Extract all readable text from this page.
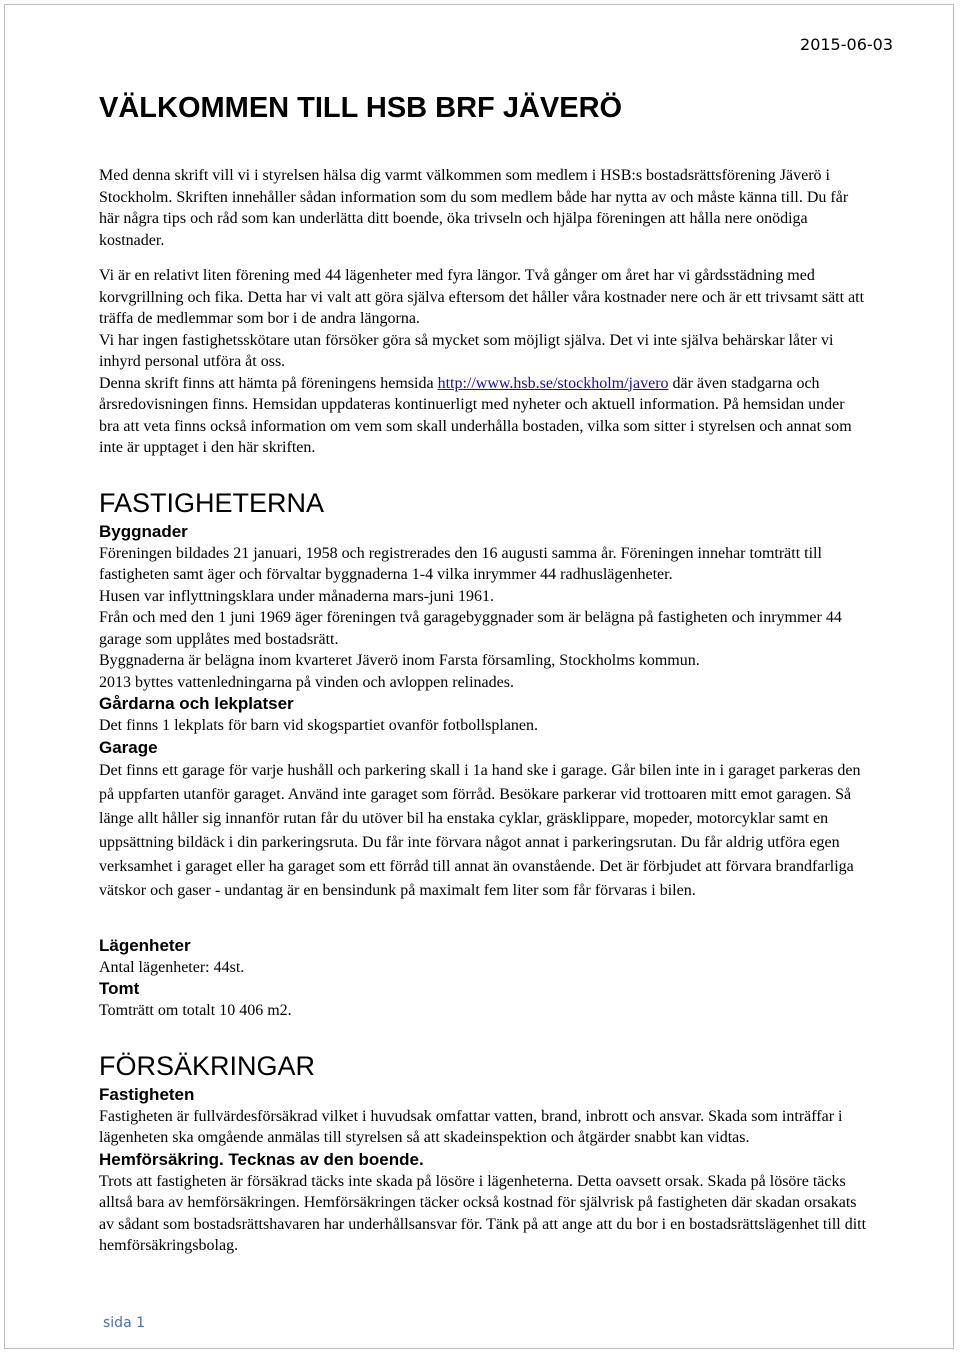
2015-06-03
VÄLKOMMEN TILL HSB BRF JÄVERÖ

Med denna skrift vill vi i styrelsen hälsa dig varmt välkommen som medlem i HSB:s bostadsrättsförening Jäverö i Stockholm. Skriften innehåller sådan information som du som medlem både har nytta av och måste känna till. Du får här några tips och råd som kan underlätta ditt boende, öka trivseln och hjälpa föreningen att hålla nere onödiga kostnader.

Vi är en relativt liten förening med 44 lägenheter med fyra längor. Två gånger om året har vi gårdsstädning med korvgrillning och fika. Detta har vi valt att göra själva eftersom det håller våra kostnader nere och är ett trivsamt sätt att träffa de medlemmar som bor i de andra längorna.

Vi har ingen fastighetsskötare utan försöker göra så mycket som möjligt själva. Det vi inte själva behärskar låter vi inhyrd personal utföra åt oss.

Denna skrift finns att hämta på föreningens hemsida http://www.hsb.se/stockholm/javero där även stadgarna och årsredovisningen finns. Hemsidan uppdateras kontinuerligt med nyheter och aktuell information. På hemsidan under bra att veta finns också information om vem som skall underhålla bostaden, vilka som sitter i styrelsen och annat som inte är upptaget i den här skriften.

FASTIGHETERNA
Byggnader

Föreningen bildades 21 januari, 1958 och registrerades den 16 augusti samma år. Föreningen innehar tomträtt till fastigheten samt äger och förvaltar byggnaderna 1-4 vilka inrymmer 44 radhuslägenheter.

Husen var inflyttningsklara under månaderna mars-juni 1961.

Från och med den 1 juni 1969 äger föreningen två garagebyggnader som är belägna på fastigheten och inrymmer 44 garage som upplåtes med bostadsrätt.

Byggnaderna är belägna inom kvarteret Jäverö inom Farsta församling, Stockholms kommun.

2013 byttes vattenledningarna på vinden och avloppen relinades.

Gårdarna och lekplatser

Det finns 1 lekplats för barn vid skogspartiet ovanför fotbollsplanen.

Garage

Det finns ett garage för varje hushåll och parkering skall i 1a hand ske i garage. Går bilen inte in i garaget parkeras den på uppfarten utanför garaget. Använd inte garaget som förråd. Besökare parkerar vid trottoaren mitt emot garagen. Så länge allt håller sig innanför rutan får du utöver bil ha enstaka cyklar, gräsklippare, mopeder, motorcyklar samt en uppsättning bildäck i din parkeringsruta. Du får inte förvara något annat i parkeringsrutan. Du får aldrig utföra egen verksamhet i garaget eller ha garaget som ett förråd till annat än ovanstående. Det är förbjudet att förvara brandfarliga vätskor och gaser - undantag är en bensindunk på maximalt fem liter som får förvaras i bilen.

Lägenheter

Antal lägenheter: 44st.

Tomt

Tomträtt om totalt 10 406 m2.

FÖRSÄKRINGAR
Fastigheten

Fastigheten är fullvärdesförsäkrad vilket i huvudsak omfattar vatten, brand, inbrott och ansvar. Skada som inträffar i lägenheten ska omgående anmälas till styrelsen så att skadeinspektion och åtgärder snabbt kan vidtas.

Hemförsäkring. Tecknas av den boende.

Trots att fastigheten är försäkrad täcks inte skada på lösöre i lägenheterna. Detta oavsett orsak. Skada på lösöre täcks alltså bara av hemförsäkringen. Hemförsäkringen täcker också kostnad för självrisk på fastigheten där skadan orsakats av sådant som bostadsrättshavaren har underhållsansvar för. Tänk på att ange att du bor i en bostadsrättslägenhet till ditt hemförsäkringsbolag.

sida 1
